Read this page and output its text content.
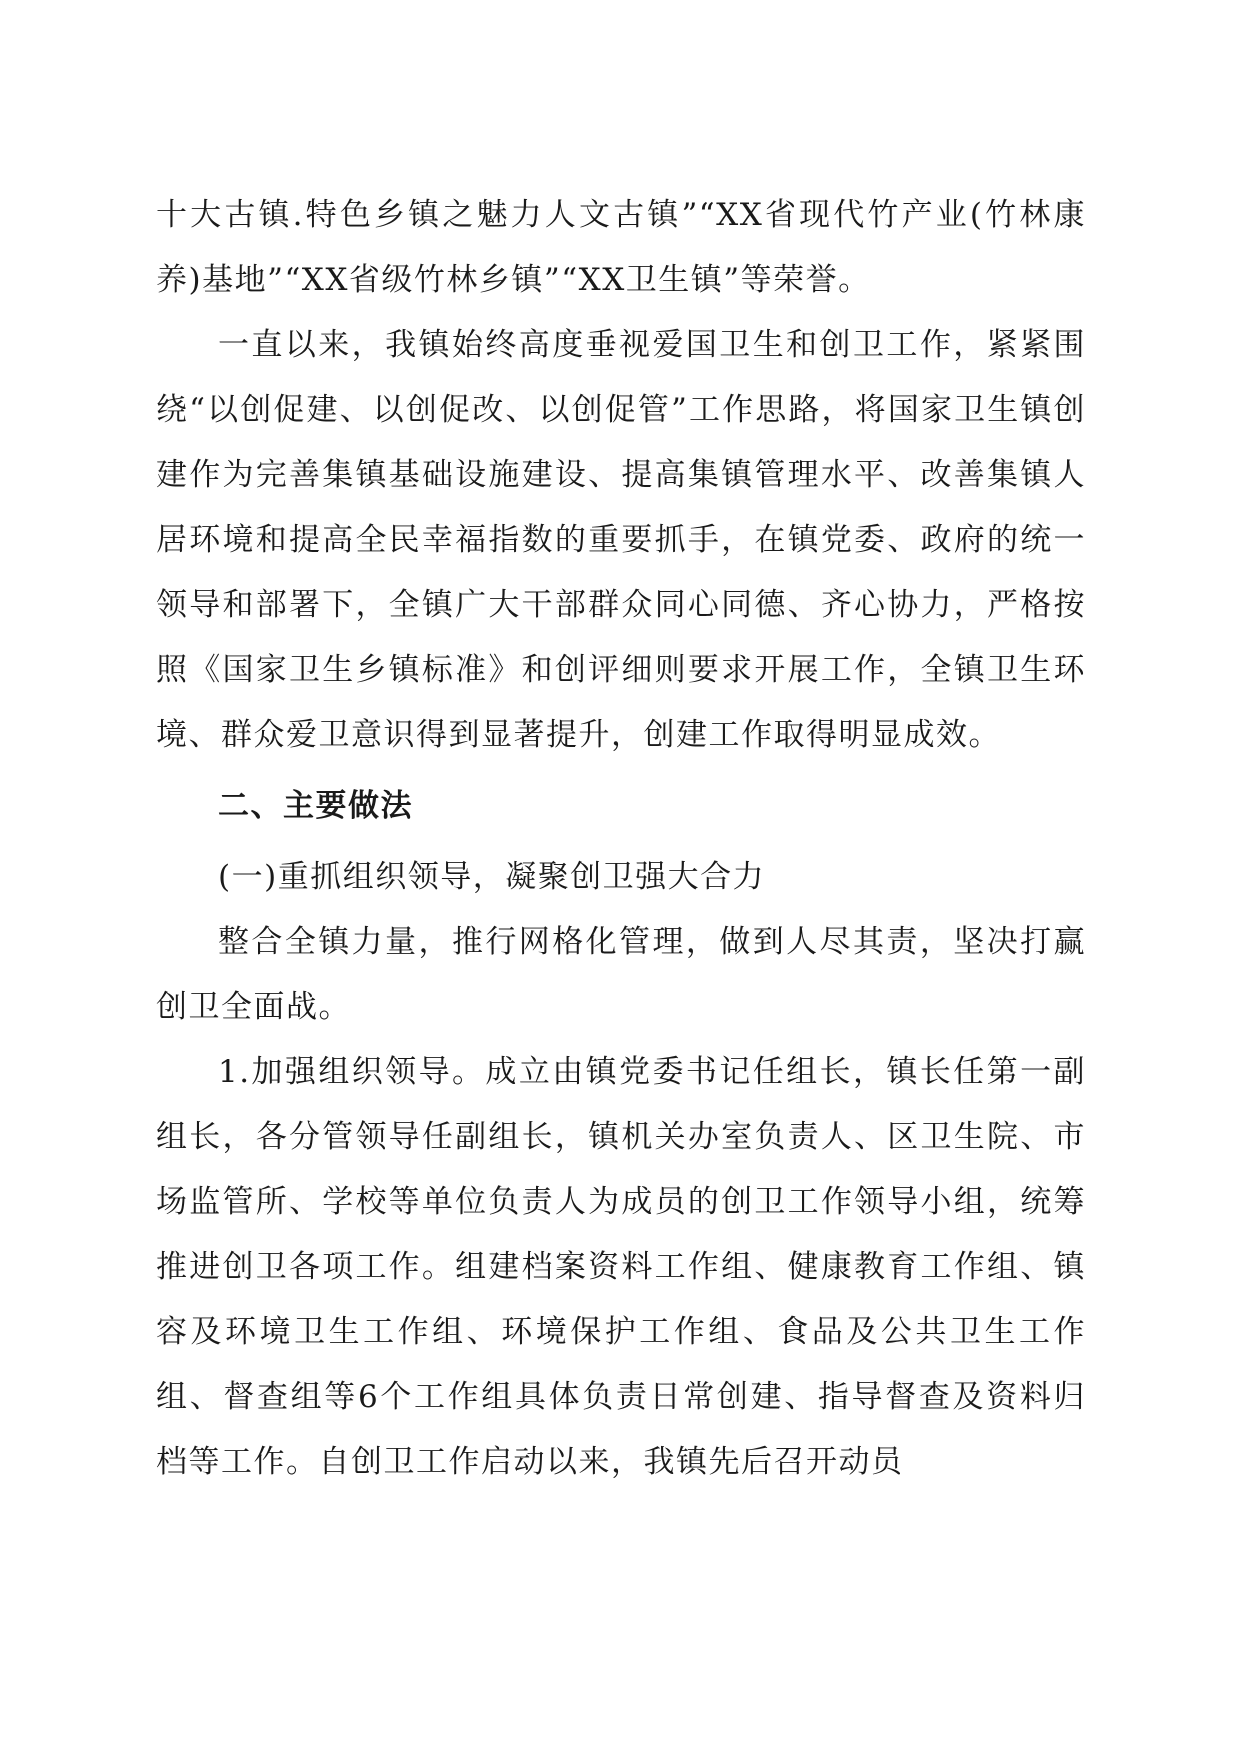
十大古镇.特色乡镇之魅力人文古镇”“XX省现代竹产业(竹林康养)基地”“XX省级竹林乡镇”“XX卫生镇”等荣誉。

一直以来，我镇始终高度垂视爱国卫生和创卫工作，紧紧围绕“以创促建、以创促改、以创促管”工作思路，将国家卫生镇创建作为完善集镇基础设施建设、提高集镇管理水平、改善集镇人居环境和提高全民幸福指数的重要抓手，在镇党委、政府的统一领导和部署下，全镇广大干部群众同心同德、齐心协力，严格按照《国家卫生乡镇标准》和创评细则要求开展工作，全镇卫生环境、群众爱卫意识得到显著提升，创建工作取得明显成效。

二、主要做法

(一)重抓组织领导，凝聚创卫强大合力

整合全镇力量，推行网格化管理，做到人尽其责，坚决打赢创卫全面战。

1.加强组织领导。成立由镇党委书记任组长，镇长任第一副组长，各分管领导任副组长，镇机关办室负责人、区卫生院、市场监管所、学校等单位负责人为成员的创卫工作领导小组，统筹推进创卫各项工作。组建档案资料工作组、健康教育工作组、镇容及环境卫生工作组、环境保护工作组、食品及公共卫生工作组、督查组等6个工作组具体负责日常创建、指导督查及资料归档等工作。自创卫工作启动以来，我镇先后召开动员
